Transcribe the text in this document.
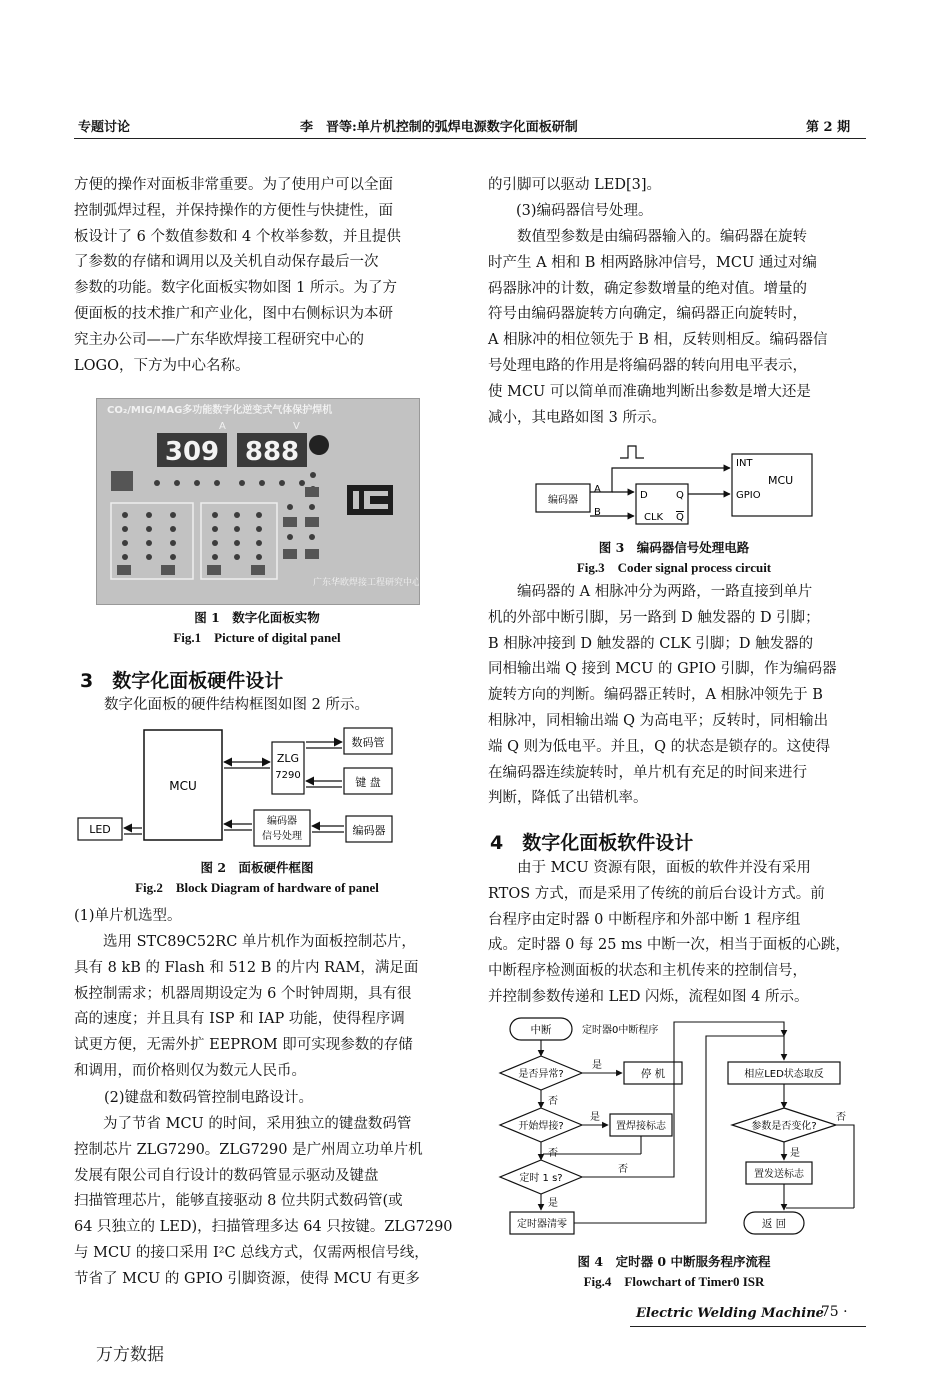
专题讨论	李　晋等:单片机控制的弧焊电源数字化面板研制	第 2 期
方便的操作对面板非常重要。为了使用户可以全面
控制弧焊过程，并保持操作的方便性与快捷性，面
板设计了 6 个数值参数和 4 个枚举参数，并且提供
了参数的存储和调用以及关机自动保存最后一次
参数的功能。数字化面板实物如图 1 所示。为了方
便面板的技术推广和产业化，图中右侧标识为本研
究主办公司——广东华欧焊接工程研究中心的
LOGO，下方为中心名称。
CO₂/MIG/MAG多功能数字化逆变式气体保护焊机
A	V
309 888
广东华欧焊接工程研究中心
图 1　数字化面板实物
Fig.1　Picture of digital panel
3　数字化面板硬件设计
数字化面板的硬件结构框图如图 2 所示。
MCU
ZLG
7290
数码管
键 盘
LED
编码器
信号处理	编码器
图 2　面板硬件框图
Fig.2　Block Diagram of hardware of panel
(1)单片机选型。
选用 STC89C52RC 单片机作为面板控制芯片，
具有 8 kB 的 Flash 和 512 B 的片内 RAM，满足面
板控制需求；机器周期设定为 6 个时钟周期，具有很
高的速度；并且具有 ISP 和 IAP 功能，使得程序调
试更方便，无需外扩 EEPROM 即可实现参数的存储
和调用，而价格则仅为数元人民币。
(2)键盘和数码管控制电路设计。
为了节省 MCU 的时间，采用独立的键盘数码管
控制芯片 ZLG7290。ZLG7290 是广州周立功单片机
发展有限公司自行设计的数码管显示驱动及键盘
扫描管理芯片，能够直接驱动 8 位共阴式数码管(或
64 只独立的 LED)，扫描管理多达 64 只按键。ZLG7290
与 MCU 的接口采用 I²C 总线方式，仅需两根信号线，
节省了 MCU 的 GPIO 引脚资源，使得 MCU 有更多
的引脚可以驱动 LED[3]。
(3)编码器信号处理。
数值型参数是由编码器输入的。编码器在旋转
时产生 A 相和 B 相两路脉冲信号，MCU 通过对编
码器脉冲的计数，确定参数增量的绝对值。增量的
符号由编码器旋转方向确定，编码器正向旋转时，
A 相脉冲的相位领先于 B 相，反转则相反。编码器信
号处理电路的作用是将编码器的转向用电平表示，
使 MCU 可以简单而准确地判断出参数是增大还是
减小，其电路如图 3 所示。
编码器
A
B
D	Q
CLK Q
INT
MCU
GPIO
图 3　编码器信号处理电路
Fig.3　Coder signal process circuit
编码器的 A 相脉冲分为两路，一路直接到单片
机的外部中断引脚，另一路到 D 触发器的 D 引脚；
B 相脉冲接到 D 触发器的 CLK 引脚；D 触发器的
同相输出端 Q 接到 MCU 的 GPIO 引脚，作为编码器
旋转方向的判断。编码器正转时，A 相脉冲领先于 B
相脉冲，同相输出端 Q 为高电平；反转时，同相输出
端 Q 则为低电平。并且，Q 的状态是锁存的。这使得
在编码器连续旋转时，单片机有充足的时间来进行
判断，降低了出错机率。
4　数字化面板软件设计
由于 MCU 资源有限，面板的软件并没有采用
RTOS 方式，而是采用了传统的前后台设计方式。前
台程序由定时器 0 中断程序和外部中断 1 程序组
成。定时器 0 每 25 ms 中断一次，相当于面板的心跳，
中断程序检测面板的状态和主机传来的控制信号，
并控制参数传递和 LED 闪烁，流程如图 4 所示。
中断	定时器0中断程序
是否异常?
是
停 机
否
开始焊接?
是
置焊接标志
否
定时 1 s?
否
是
定时器清零
相应LED状态取反
参数是否变化?
否
是
置发送标志
返 回
图 4　定时器 0 中断服务程序流程
Fig.4　Flowchart of Timer0 ISR
Electric Welding Machine
· 75 ·
万方数据
